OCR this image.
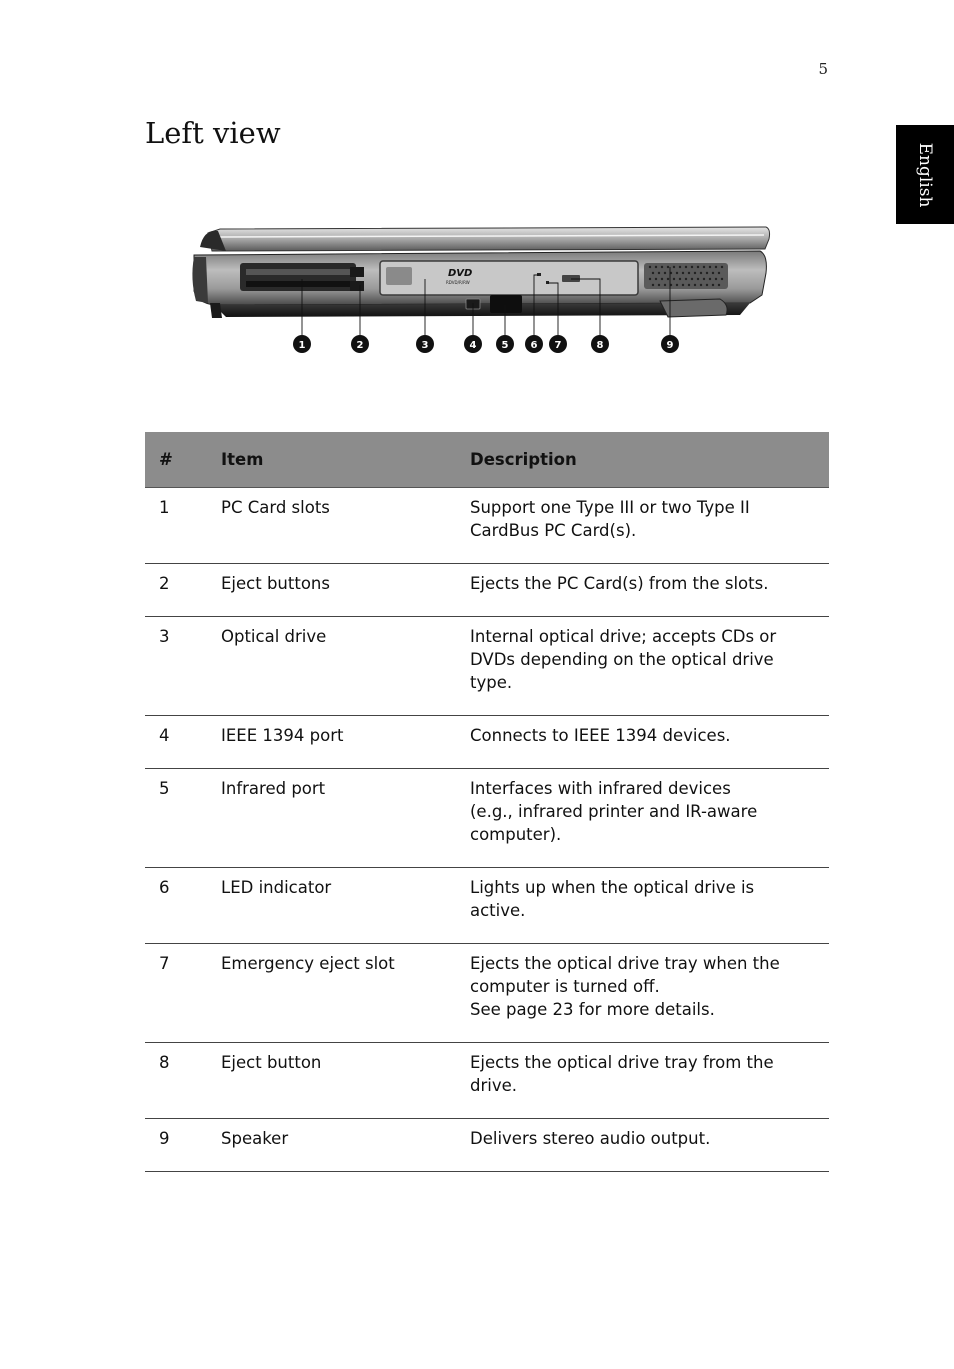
5
English
Left view
DVD
RDVD/R/RW
1	2	3	4	5 6 7	8	9
#	Item	Description
1	PC Card slots	Support one Type III or two Type II
CardBus PC Card(s).

2	Eject buttons	Ejects the PC Card(s) from the slots.

3	Optical drive	Internal optical drive; accepts CDs or
DVDs depending on the optical drive
type.

4	IEEE 1394 port	Connects to IEEE 1394 devices.

5	Infrared port	Interfaces with infrared devices
(e.g., infrared printer and IR-aware
computer).

6	LED indicator	Lights up when the optical drive is
active.

7	Emergency eject slot	Ejects the optical drive tray when the
computer is turned off.
See page 23 for more details.

8	Eject button	Ejects the optical drive tray from the
drive.

9	Speaker	Delivers stereo audio output.
